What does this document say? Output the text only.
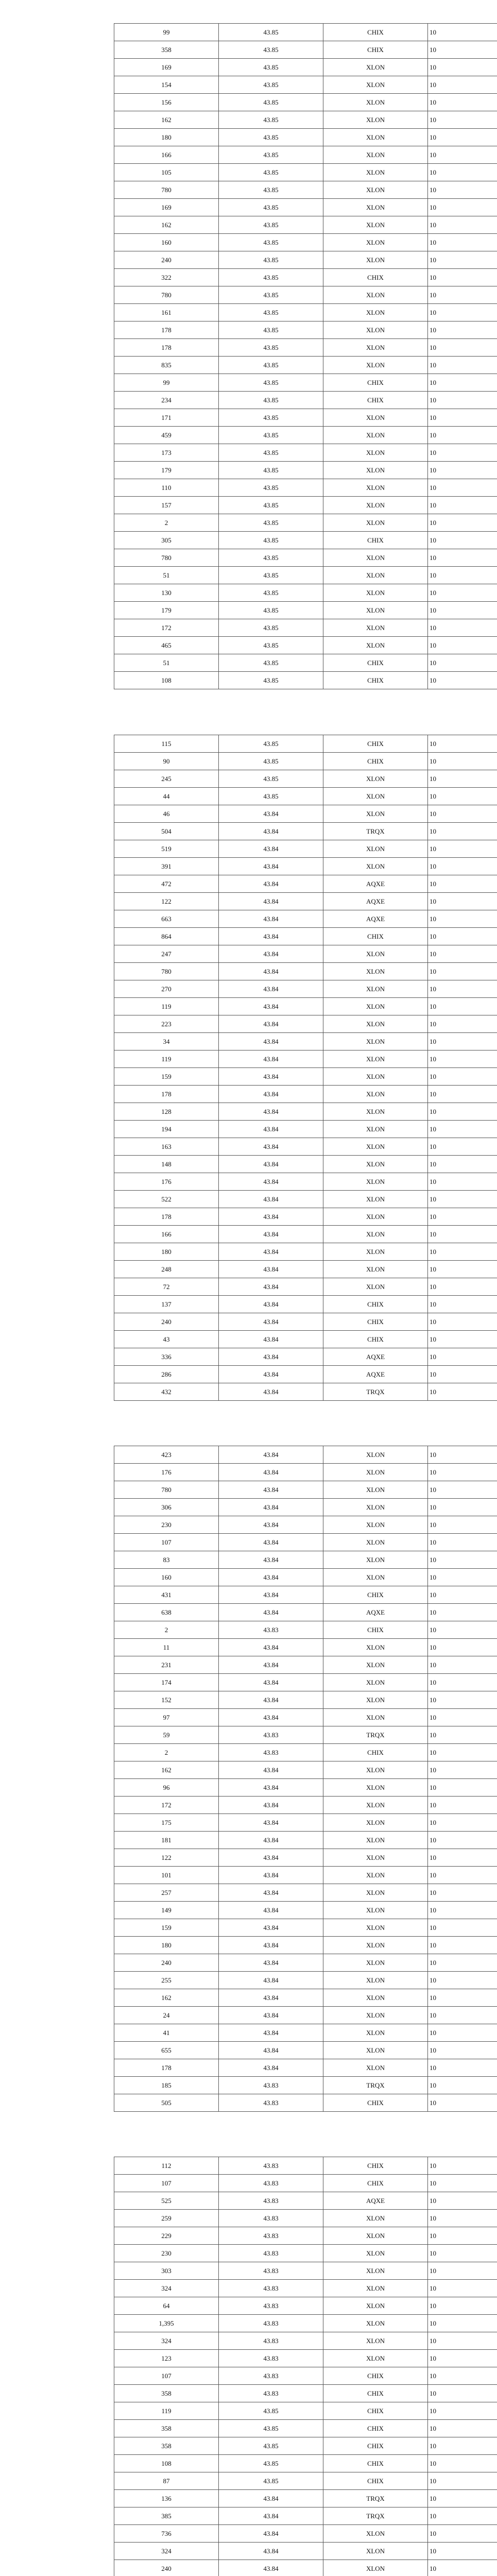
99	43.85	CHIX	10
358	43.85	CHIX	10
169	43.85	XLON	10
154	43.85	XLON	10
156	43.85	XLON	10
162	43.85	XLON	10
180	43.85	XLON	10
166	43.85	XLON	10
105	43.85	XLON	10
780	43.85	XLON	10
169	43.85	XLON	10
162	43.85	XLON	10
160	43.85	XLON	10
240	43.85	XLON	10
322	43.85	CHIX	10
780	43.85	XLON	10
161	43.85	XLON	10
178	43.85	XLON	10
178	43.85	XLON	10
835	43.85	XLON	10
99	43.85	CHIX	10
234	43.85	CHIX	10
171	43.85	XLON	10
459	43.85	XLON	10
173	43.85	XLON	10
179	43.85	XLON	10
110	43.85	XLON	10
157	43.85	XLON	10
2	43.85	XLON	10
305	43.85	CHIX	10
780	43.85	XLON	10
51	43.85	XLON	10
130	43.85	XLON	10
179	43.85	XLON	10
172	43.85	XLON	10
465	43.85	XLON	10
51	43.85	CHIX	10
108	43.85	CHIX	10
115	43.85	CHIX	10
90	43.85	CHIX	10
245	43.85	XLON	10
44	43.85	XLON	10
46	43.84	XLON	10
504	43.84	TRQX	10
519	43.84	XLON	10
391	43.84	XLON	10
472	43.84	AQXE	10
122	43.84	AQXE	10
663	43.84	AQXE	10
864	43.84	CHIX	10
247	43.84	XLON	10
780	43.84	XLON	10
270	43.84	XLON	10
119	43.84	XLON	10
223	43.84	XLON	10
34	43.84	XLON	10
119	43.84	XLON	10
159	43.84	XLON	10
178	43.84	XLON	10
128	43.84	XLON	10
194	43.84	XLON	10
163	43.84	XLON	10
148	43.84	XLON	10
176	43.84	XLON	10
522	43.84	XLON	10
178	43.84	XLON	10
166	43.84	XLON	10
180	43.84	XLON	10
248	43.84	XLON	10
72	43.84	XLON	10
137	43.84	CHIX	10
240	43.84	CHIX	10
43	43.84	CHIX	10
336	43.84	AQXE	10
286	43.84	AQXE	10
432	43.84	TRQX	10
423	43.84	XLON	10
176	43.84	XLON	10
780	43.84	XLON	10
306	43.84	XLON	10
230	43.84	XLON	10
107	43.84	XLON	10
83	43.84	XLON	10
160	43.84	XLON	10
431	43.84	CHIX	10
638	43.84	AQXE	10
2	43.83	CHIX	10
11	43.84	XLON	10
231	43.84	XLON	10
174	43.84	XLON	10
152	43.84	XLON	10
97	43.84	XLON	10
59	43.83	TRQX	10
2	43.83	CHIX	10
162	43.84	XLON	10
96	43.84	XLON	10
172	43.84	XLON	10
175	43.84	XLON	10
181	43.84	XLON	10
122	43.84	XLON	10
101	43.84	XLON	10
257	43.84	XLON	10
149	43.84	XLON	10
159	43.84	XLON	10
180	43.84	XLON	10
240	43.84	XLON	10
255	43.84	XLON	10
162	43.84	XLON	10
24	43.84	XLON	10
41	43.84	XLON	10
655	43.84	XLON	10
178	43.84	XLON	10
185	43.83	TRQX	10
505	43.83	CHIX	10
112	43.83	CHIX	10
107	43.83	CHIX	10
525	43.83	AQXE	10
259	43.83	XLON	10
229	43.83	XLON	10
230	43.83	XLON	10
303	43.83	XLON	10
324	43.83	XLON	10
64	43.83	XLON	10
1,395	43.83	XLON	10
324	43.83	XLON	10
123	43.83	XLON	10
107	43.83	CHIX	10
358	43.83	CHIX	10
119	43.85	CHIX	10
358	43.85	CHIX	10
358	43.85	CHIX	10
108	43.85	CHIX	10
87	43.85	CHIX	10
136	43.84	TRQX	10
385	43.84	TRQX	10
736	43.84	XLON	10
324	43.84	XLON	10
240	43.84	XLON	10
